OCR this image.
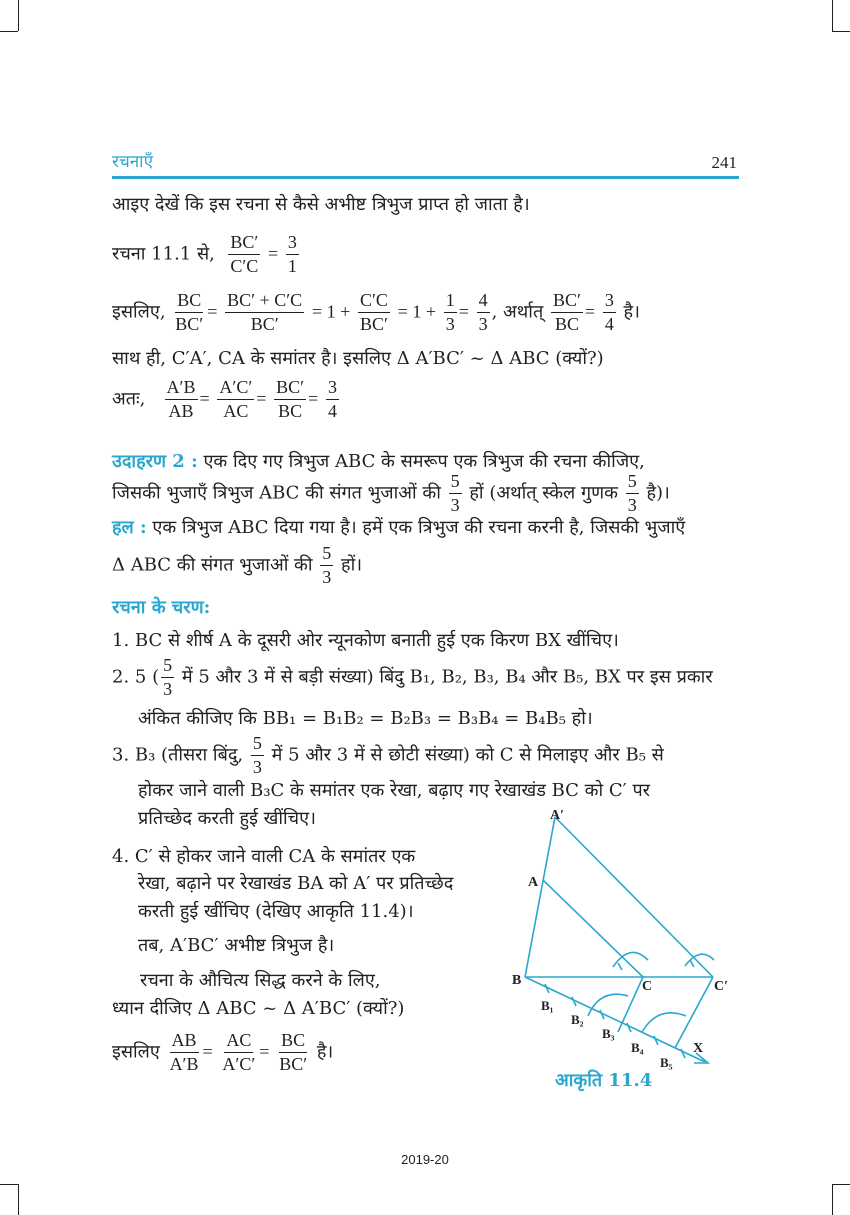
रचनाएँ	241
आइए देखें कि इस रचना से कैसे अभीष्ट त्रिभुज प्राप्त हो जाता है।
रचना 11.1 से, $\frac{BC'}{C'C} = \frac{3}{1}$
इसलिए, $\frac{BC}{BC'} = \frac{BC' + C'C}{BC'} = 1 + \frac{C'C}{BC'} = 1 + \frac{1}{3} = \frac{4}{3}$ , अर्थात् $\frac{BC'}{BC} = \frac{3}{4}$ है।
साथ ही, C′A′, CA के समांतर है। इसलिए Δ A′BC′ ~ Δ ABC (क्यों?)
अतः, $\frac{A'B}{AB} = \frac{A'C'}{AC} = \frac{BC'}{BC} = \frac{3}{4}$
उदाहरण 2 : एक दिए गए त्रिभुज ABC के समरूप एक त्रिभुज की रचना कीजिए,
जिसकी भुजाएँ त्रिभुज ABC की संगत भुजाओं की $\frac{5}{3}$ हों (अर्थात् स्केल गुणक $\frac{5}{3}$ है)।
हल : एक त्रिभुज ABC दिया गया है। हमें एक त्रिभुज की रचना करनी है, जिसकी भुजाएँ
Δ ABC की संगत भुजाओं की $\frac{5}{3}$ हों।
रचना के चरण:
1. BC से शीर्ष A के दूसरी ओर न्यूनकोण बनाती हुई एक किरण BX खींचिए।
2. 5 ( $\frac{5}{3}$ में 5 और 3 में से बड़ी संख्या) बिंदु B₁, B₂, B₃, B₄ और B₅, BX पर इस प्रकार
अंकित कीजिए कि BB₁ = B₁B₂ = B₂B₃ = B₃B₄ = B₄B₅ हो।
3. B₃ (तीसरा बिंदु, $\frac{5}{3}$ में 5 और 3 में से छोटी संख्या) को C से मिलाइए और B₅ से
होकर जाने वाली B₃C के समांतर एक रेखा, बढ़ाए गए रेखाखंड BC को C′ पर
प्रतिच्छेद करती हुई खींचिए।
4. C′ से होकर जाने वाली CA के समांतर एक
रेखा, बढ़ाने पर रेखाखंड BA को A′ पर प्रतिच्छेद
करती हुई खींचिए (देखिए आकृति 11.4)।
तब, A′BC′ अभीष्ट त्रिभुज है।
रचना के औचित्य सिद्ध करने के लिए,
ध्यान दीजिए Δ ABC ~ Δ A′BC′ (क्यों?)
इसलिए $\frac{AB}{A'B} = \frac{AC}{A'C'} = \frac{BC}{BC'}$ है।
A′
A
B	C	C′
B₁
B₂
B₃
B₄
B₅
X
आकृति 11.4
2019-20
